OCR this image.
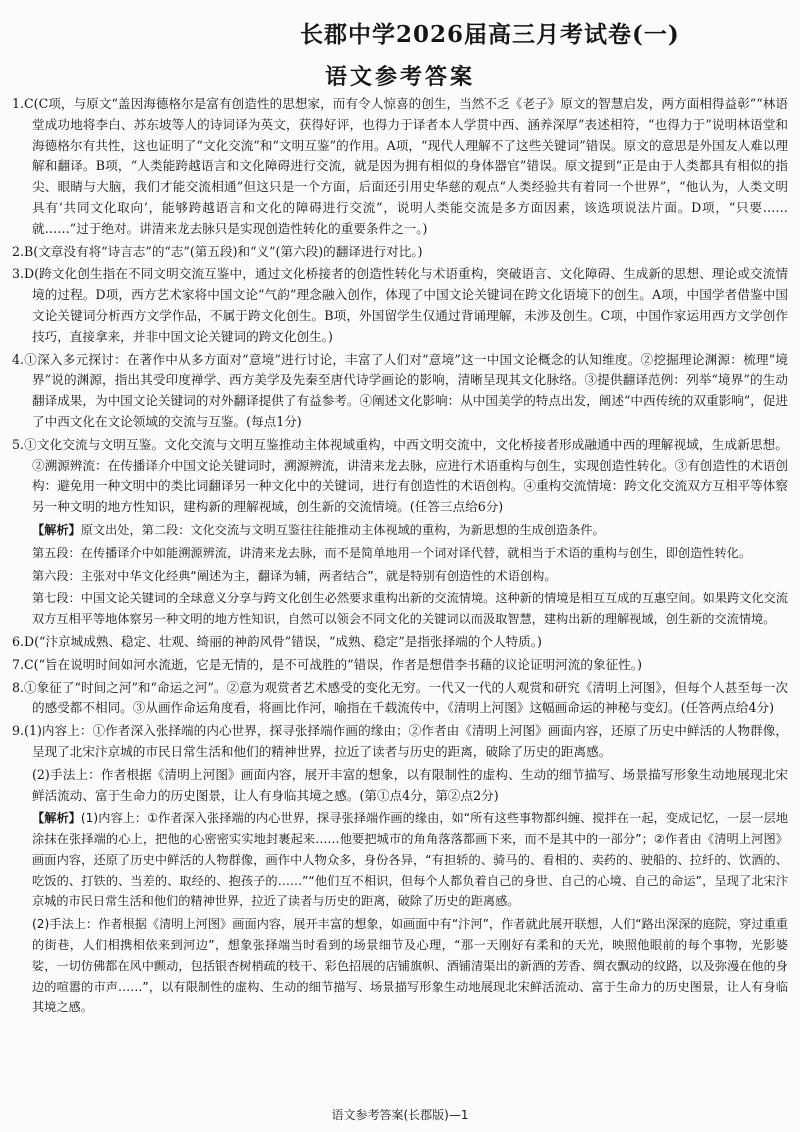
长郡中学2026届高三月考试卷(一)
语文参考答案
1.C(C项，与原文“盖因海德格尔是富有创造性的思想家，而有令人惊喜的创生，当然不乏《老子》原文的智慧启发，两方面相得益彰”“林语堂成功地将李白、苏东坡等人的诗词译为英文，获得好评，也得力于译者本人学贯中西、涵养深厚”表述相符，“也得力于”说明林语堂和海德格尔有共性，这也证明了“文化交流”和“文明互鉴”的作用。A项，“现代人理解不了这些关键词”错误。原文的意思是外国友人难以理解和翻译。B项，“人类能跨越语言和文化障碍进行交流，就是因为拥有相似的身体器官”错误。原文提到“正是由于人类都具有相似的指尖、眼睛与大脑，我们才能交流相通”但这只是一个方面，后面还引用史华慈的观点“人类经验共有着同一个世界”，“他认为，人类文明具有‘共同文化取向’，能够跨越语言和文化的障碍进行交流”，说明人类能交流是多方面因素，该选项说法片面。D项，“只要……就……”过于绝对。讲清来龙去脉只是实现创造性转化的重要条件之一。)
2.B(文章没有将“诗言志”的“志”(第五段)和“义”(第六段)的翻译进行对比。)
3.D(跨文化创生指在不同文明交流互鉴中，通过文化桥接者的创造性转化与术语重构，突破语言、文化障碍、生成新的思想、理论或交流情境的过程。D项，西方艺术家将中国文论“气韵”理念融入创作，体现了中国文论关键词在跨文化语境下的创生。A项，中国学者借鉴中国文论关键词分析西方文学作品，不属于跨文化创生。B项，外国留学生仅通过背诵理解，未涉及创生。C项，中国作家运用西方文学创作技巧，直接拿来，并非中国文论关键词的跨文化创生。)
4.①深入多元探讨：在著作中从多方面对“意境”进行讨论，丰富了人们对“意境”这一中国文论概念的认知维度。②挖掘理论渊源：梳理“境界”说的渊源，指出其受印度禅学、西方美学及先秦至唐代诗学画论的影响，清晰呈现其文化脉络。③提供翻译范例：列举“境界”的生动翻译成果，为中国文论关键词的对外翻译提供了有益参考。④阐述文化影响：从中国美学的特点出发，阐述“中西传统的双重影响”，促进了中西文化在文论领域的交流与互鉴。(每点1分)
5.①文化交流与文明互鉴。文化交流与文明互鉴推动主体视域重构，中西文明交流中，文化桥接者形成融通中西的理解视域，生成新思想。②溯源辨流：在传播译介中国文论关键词时，溯源辨流，讲清来龙去脉，应进行术语重构与创生，实现创造性转化。③有创造性的术语创构：避免用一种文明中的类比词翻译另一种文化中的关键词，进行有创造性的术语创构。④重构交流情境：跨文化交流双方互相平等体察另一种文明的地方性知识，建构新的理解视域，创生新的交流情境。(任答三点给6分)
【解析】原文出处，第二段：文化交流与文明互鉴往往能推动主体视域的重构，为新思想的生成创造条件。
第五段：在传播译介中如能溯源辨流，讲清来龙去脉，而不是简单地用一个词对译代替，就相当于术语的重构与创生，即创造性转化。
第六段：主张对中华文化经典“阐述为主，翻译为辅，两者结合”，就是特别有创造性的术语创构。
第七段：中国文论关键词的全球意义分享与跨文化创生必然要求重构出新的交流情境。这种新的情境是相互互成的互惠空间。如果跨文化交流双方互相平等地体察另一种文明的地方性知识，自然可以领会不同文化的关键词以而汲取智慧，建构出新的理解视域，创生新的交流情境。
6.D(“汴京城成熟、稳定、壮观、绮丽的神韵风骨”错误，“成熟、稳定”是指张择端的个人特质。)
7.C(“旨在说明时间如河水流逝，它是无情的，是不可战胜的”错误，作者是想借李书藉的议论证明河流的象征性。)
8.①象征了“时间之河”和“命运之河”。②意为观赏者艺术感受的变化无穷。一代又一代的人观赏和研究《清明上河图》，但每个人甚至每一次的感受都不相同。③从画作命运角度看，将画比作河，喻指在千载流传中，《清明上河图》这幅画命运的神秘与变幻。(任答两点给4分)
9.(1)内容上：①作者深入张择端的内心世界，探寻张择端作画的缘由；②作者由《清明上河图》画面内容，还原了历史中鲜活的人物群像，呈现了北宋汴京城的市民日常生活和他们的精神世界，拉近了读者与历史的距离，破除了历史的距离感。
(2)手法上：作者根据《清明上河图》画面内容，展开丰富的想象，以有限制性的虚构、生动的细节描写、场景描写形象生动地展现北宋鲜活流动、富于生命力的历史图景，让人有身临其境之感。(第①点4分，第②点2分)
【解析】(1)内容上：①作者深入张择端的内心世界，探寻张择端作画的缘由，如“所有这些事物都纠缠、搅拌在一起，变成记忆，一层一层地涂抹在张择端的心上，把他的心密密实实地封裹起来……他要把城市的角角落落都画下来，而不是其中的一部分”；②作者由《清明上河图》画面内容，还原了历史中鲜活的人物群像，画作中人物众多，身份各异，“有担轿的、骑马的、看相的、卖药的、驶船的、拉纤的、饮酒的、吃饭的、打铁的、当差的、取经的、抱孩子的……”“他们互不相识，但每个人都负着自己的身世、自己的心境、自己的命运”，呈现了北宋汴京城的市民日常生活和他们的精神世界，拉近了读者与历史的距离，破除了历史的距离感。
(2)手法上：作者根据《清明上河图》画面内容，展开丰富的想象，如画面中有“汴河”，作者就此展开联想，人们“路出深深的庭院，穿过重重的街巷，人们相携相依来到河边”，想象张择端当时看到的场景细节及心理，“那一天刚好有柔和的天光，映照他眼前的每个事物，光影婆娑，一切仿佛都在风中颤动，包括银杏树梢疏的枝干、彩色招展的店铺旗帜、酒铺清渠出的新酒的芳香、绸衣飘动的纹路，以及弥漫在他的身边的喧嚣的市声……”，以有限制性的虚构、生动的细节描写、场景描写形象生动地展现北宋鲜活流动、富于生命力的历史图景，让人有身临其境之感。
语文参考答案(长郡版)—1
